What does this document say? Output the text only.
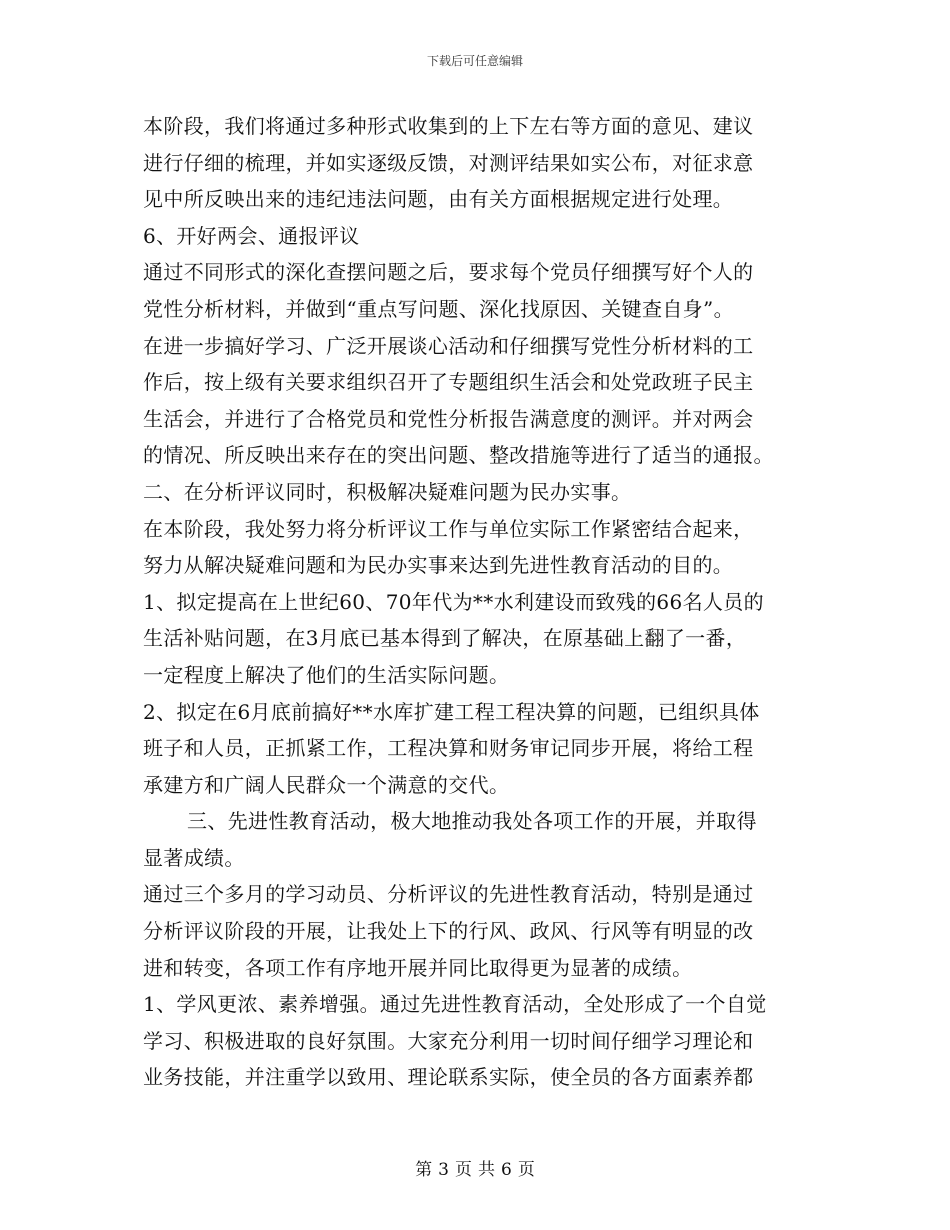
下载后可任意编辑
本阶段，我们将通过多种形式收集到的上下左右等方面的意见、建议
进行仔细的梳理，并如实逐级反馈，对测评结果如实公布，对征求意
见中所反映出来的违纪违法问题，由有关方面根据规定进行处理。
6、开好两会、通报评议
通过不同形式的深化查摆问题之后，要求每个党员仔细撰写好个人的
党性分析材料，并做到“重点写问题、深化找原因、关键查自身”。
在进一步搞好学习、广泛开展谈心活动和仔细撰写党性分析材料的工
作后，按上级有关要求组织召开了专题组织生活会和处党政班子民主
生活会，并进行了合格党员和党性分析报告满意度的测评。并对两会
的情况、所反映出来存在的突出问题、整改措施等进行了适当的通报。
二、在分析评议同时，积极解决疑难问题为民办实事。
在本阶段，我处努力将分析评议工作与单位实际工作紧密结合起来，
努力从解决疑难问题和为民办实事来达到先进性教育活动的目的。
1、拟定提高在上世纪60、70年代为**水利建设而致残的66名人员的
生活补贴问题，在3月底已基本得到了解决，在原基础上翻了一番，
一定程度上解决了他们的生活实际问题。
2、拟定在6月底前搞好**水库扩建工程工程决算的问题，已组织具体
班子和人员，正抓紧工作，工程决算和财务审记同步开展，将给工程
承建方和广阔人民群众一个满意的交代。
三、先进性教育活动，极大地推动我处各项工作的开展，并取得
显著成绩。
通过三个多月的学习动员、分析评议的先进性教育活动，特别是通过
分析评议阶段的开展，让我处上下的行风、政风、行风等有明显的改
进和转变，各项工作有序地开展并同比取得更为显著的成绩。
1、学风更浓、素养增强。通过先进性教育活动，全处形成了一个自觉
学习、积极进取的良好氛围。大家充分利用一切时间仔细学习理论和
业务技能，并注重学以致用、理论联系实际，使全员的各方面素养都
第 3 页 共 6 页
